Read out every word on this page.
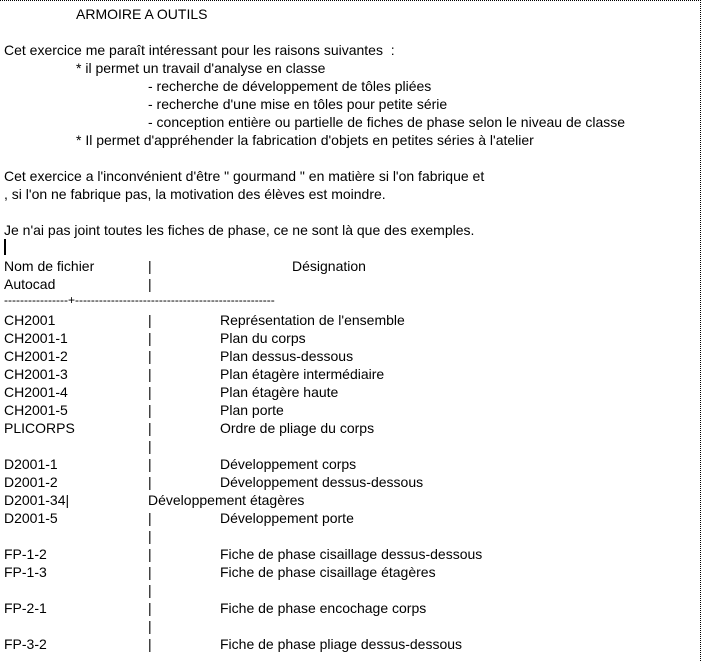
ARMOIRE A OUTILS
Cet exercice me paraît intéressant pour les raisons suivantes  :
* il permet un travail d'analyse en classe
- recherche de développement de tôles pliées
- recherche d'une mise en tôles pour petite série
- conception entière ou partielle de fiches de phase selon le niveau de classe
* Il permet d'appréhender la fabrication d'objets en petites séries à l'atelier
Cet exercice a l'inconvénient d'être " gourmand " en matière si l'on fabrique et
, si l'on ne fabrique pas, la motivation des élèves est moindre.
Je n'ai pas joint toutes les fiches de phase, ce ne sont là que des exemples.
Nom de fichier	|	Désignation
Autocad	|
----------------+--------------------------------------------------
CH2001	|	Représentation de l'ensemble
CH2001-1	|	Plan du corps
CH2001-2	|	Plan dessus-dessous
CH2001-3	|	Plan étagère intermédiaire
CH2001-4	|	Plan étagère haute
CH2001-5	|	Plan porte
PLICORPS	|	Ordre de pliage du corps
|
D2001-1	|	Développement corps
D2001-2	|	Développement dessus-dessous
D2001-34|	Développement étagères
D2001-5	|	Développement porte
|
FP-1-2	|	Fiche de phase cisaillage dessus-dessous
FP-1-3	|	Fiche de phase cisaillage étagères
|
FP-2-1	|	Fiche de phase encochage corps
|
FP-3-2	|	Fiche de phase pliage dessus-dessous
